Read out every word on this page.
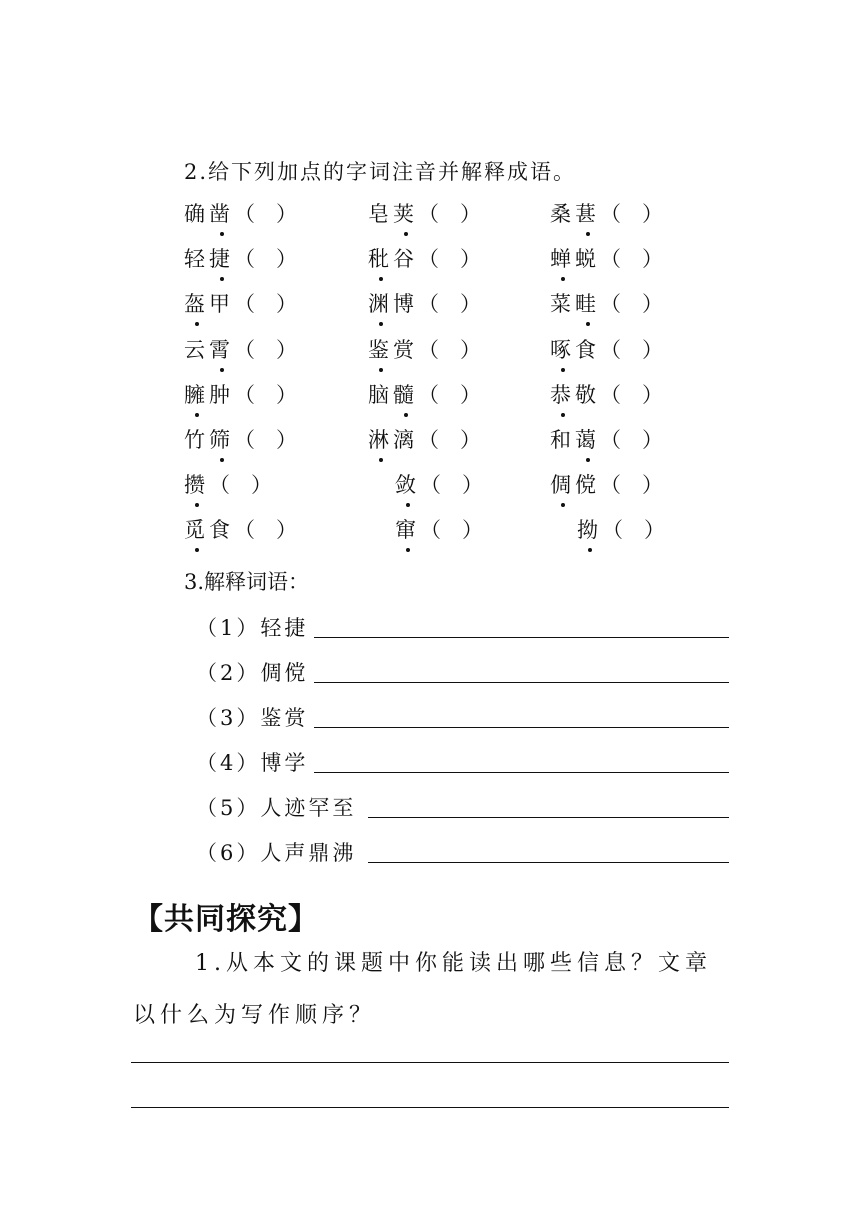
2.给下列加点的字词注音并解释成语。
确凿（　）	皂荚（　）	桑葚（　）
轻捷（　）	秕谷（　）	蝉蜕（　）
盔甲（　）	渊博（　）	菜畦（　）
云霄（　）	鉴赏（　）	啄食（　）
臃肿（　）	脑髓（　）	恭敬（　）
竹筛（　）	淋漓（　）	和蔼（　）
攒（　）	敛（　）	倜傥（　）
觅食（　）	窜（　）	拗（　）
3.解释词语：
（1）轻捷
（2）倜傥
（3）鉴赏
（4）博学
（5）人迹罕至
（6）人声鼎沸
【共同探究】
1.从本文的课题中你能读出哪些信息？文章以什么为写作顺序？
